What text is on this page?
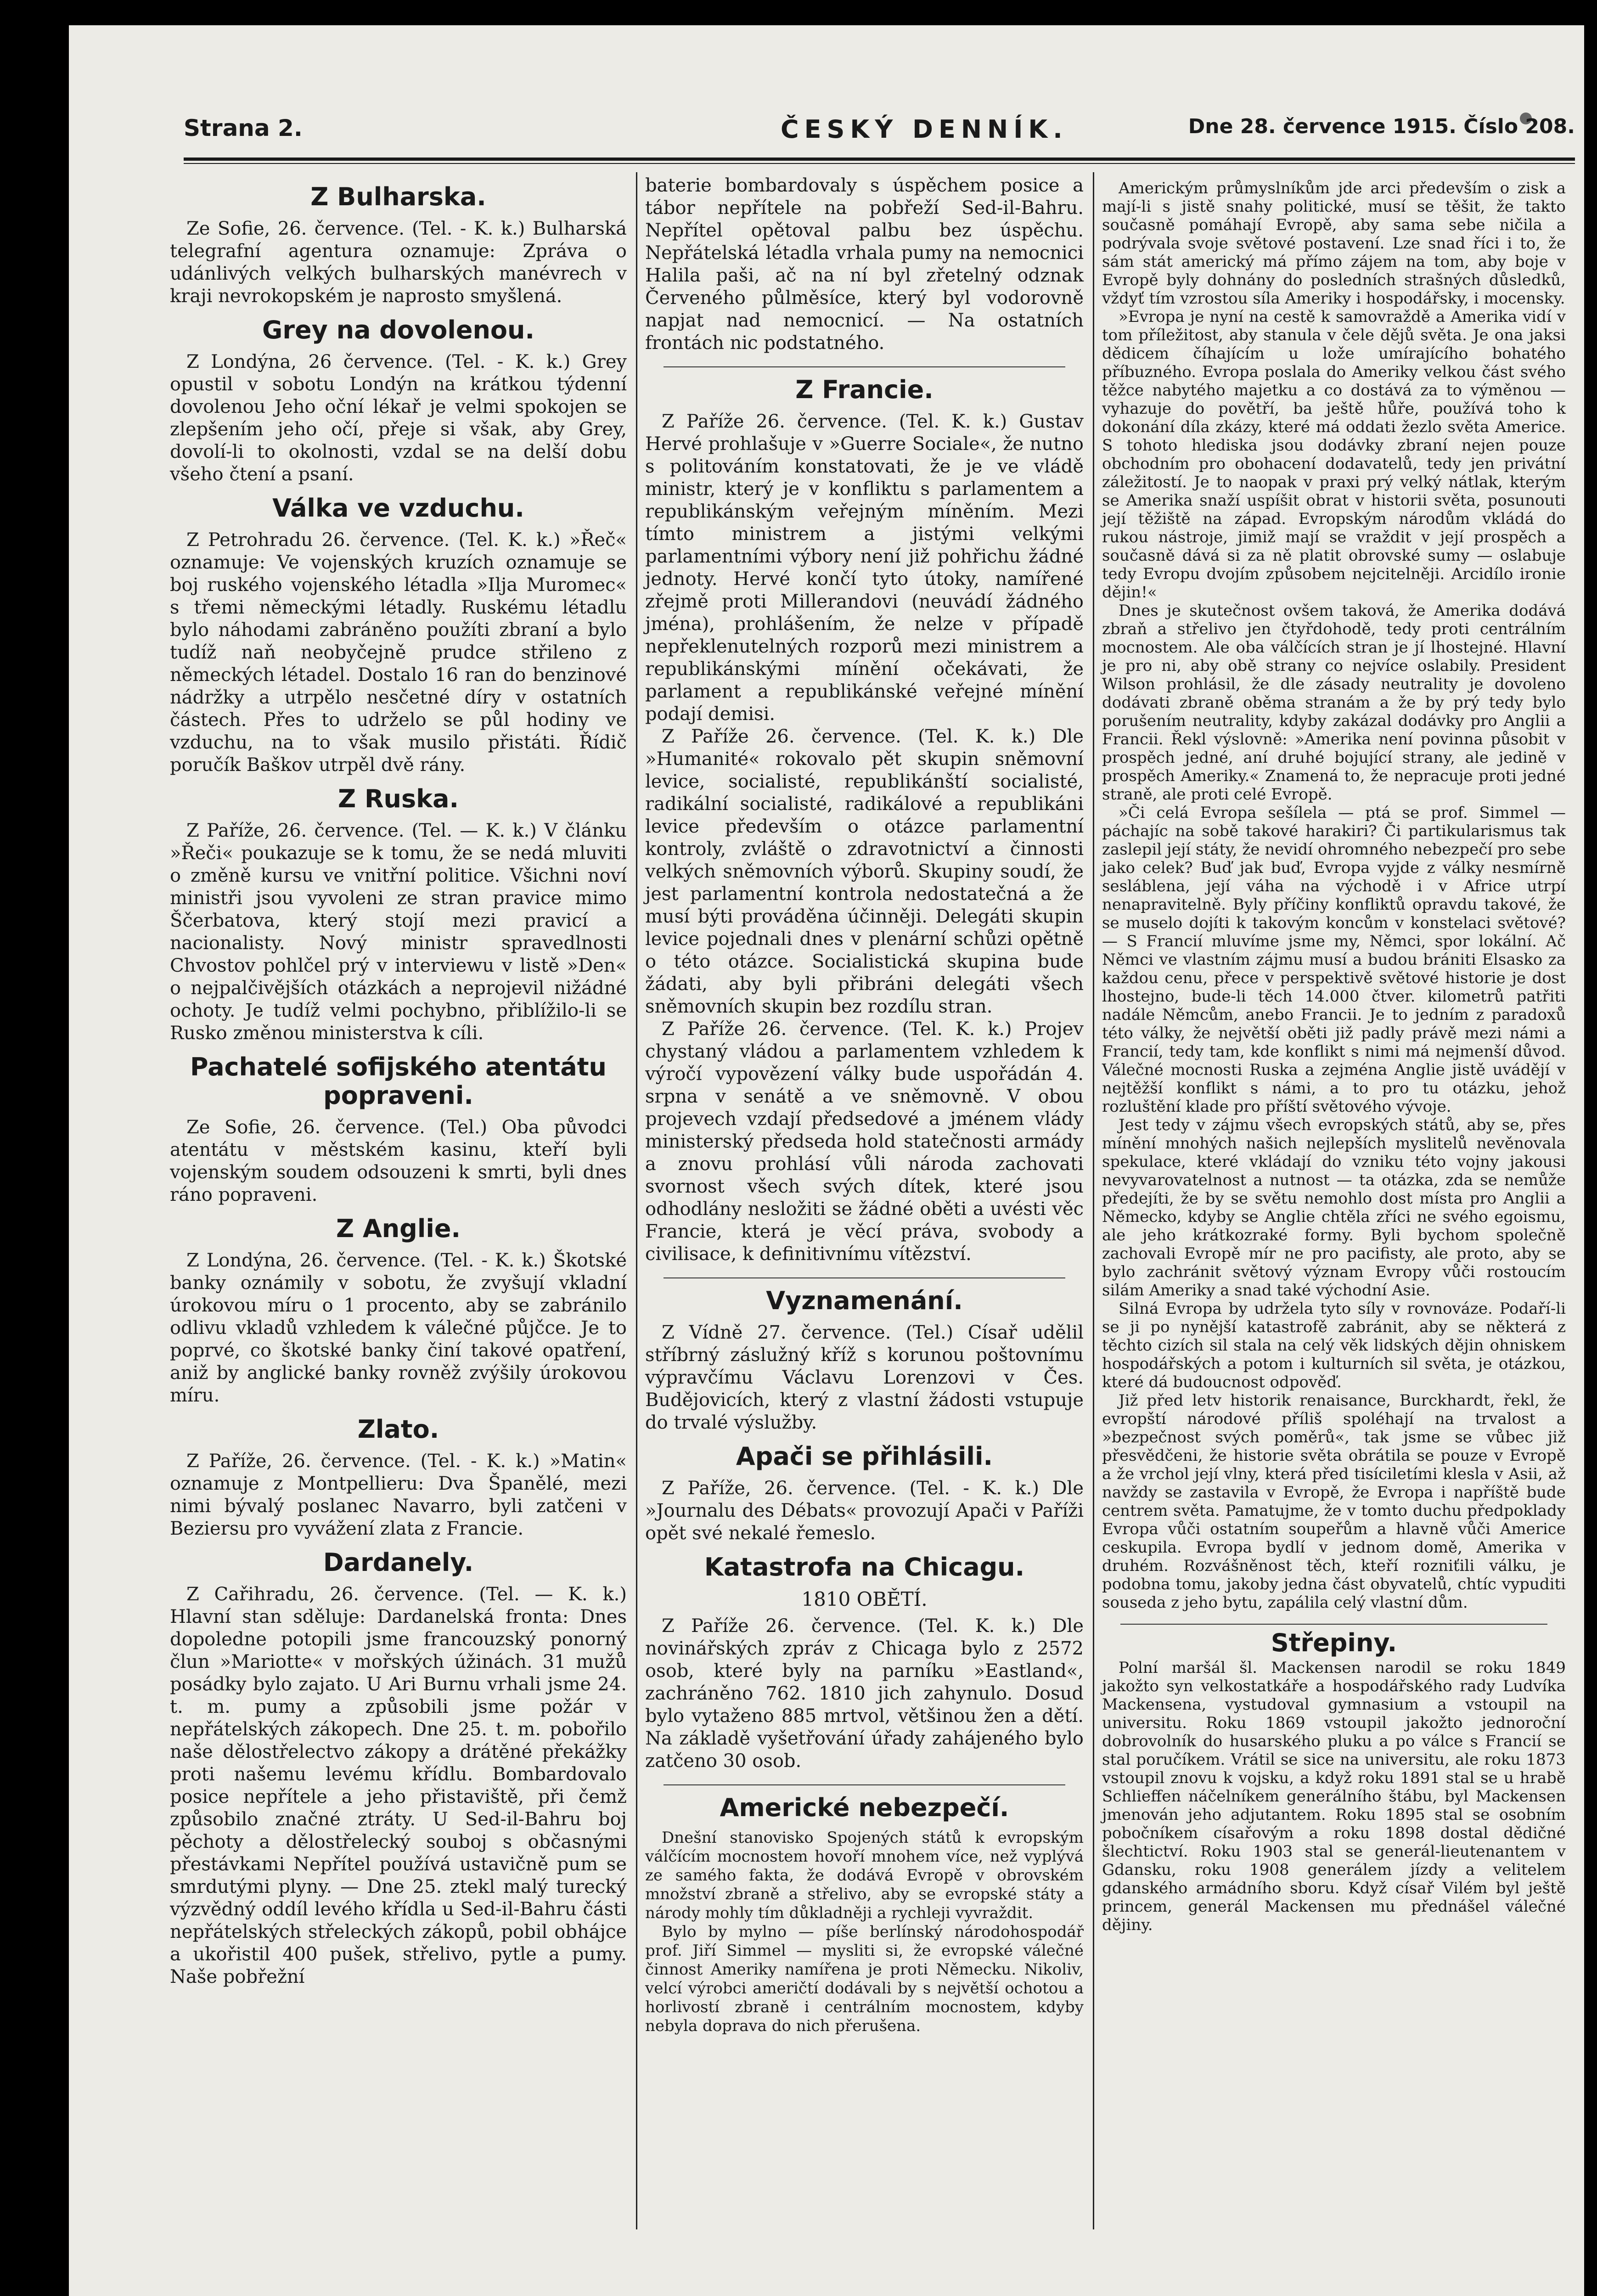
Strana 2.	ČESKÝ DENNÍK.	Dne 28. července 1915. Číslo 208.
Z Bulharska.

Ze Sofie, 26. července. (Tel. - K. k.) Bulharská telegrafní agentura oznamuje: Zpráva o udánlivých velkých bulharských manévrech v kraji nevrokopském je naprosto smyšlená.

Grey na dovolenou.

Z Londýna, 26 července. (Tel. - K. k.) Grey opustil v sobotu Londýn na krátkou týdenní dovolenou Jeho oční lékař je velmi spokojen se zlepšením jeho očí, přeje si však, aby Grey, dovolí-li to okolnosti, vzdal se na delší dobu všeho čtení a psaní.

Válka ve vzduchu.

Z Petrohradu 26. července. (Tel. K. k.) »Řeč« oznamuje: Ve vojenských kruzích oznamuje se boj ruského vojenského létadla »Ilja Muromec« s třemi německými létadly. Ruskému létadlu bylo náhodami zabráněno použíti zbraní a bylo tudíž naň neobyčejně prudce střileno z německých létadel. Dostalo 16 ran do benzinové nádržky a utrpělo nesčetné díry v ostatních částech. Přes to udrželo se půl hodiny ve vzduchu, na to však musilo přistáti. Řídič poručík Baškov utrpěl dvě rány.

Z Ruska.

Z Paříže, 26. července. (Tel. — K. k.) V článku »Řeči« poukazuje se k tomu, že se nedá mluviti o změně kursu ve vnitřní politice. Všichni noví ministři jsou vyvoleni ze stran pravice mimo Ščerbatova, který stojí mezi pravicí a nacionalisty. Nový ministr spravedlnosti Chvostov pohlčel prý v interviewu v listě »Den« o nejpalčivějších otázkách a neprojevil nižádné ochoty. Je tudíž velmi pochybno, přiblížilo-li se Rusko změnou ministerstva k cíli.

Pachatelé sofijského atentátu popraveni.

Ze Sofie, 26. července. (Tel.) Oba původci atentátu v městském kasinu, kteří byli vojenským soudem odsouzeni k smrti, byli dnes ráno popraveni.

Z Anglie.

Z Londýna, 26. července. (Tel. - K. k.) Škotské banky oznámily v sobotu, že zvyšují vkladní úrokovou míru o 1 procento, aby se zabránilo odlivu vkladů vzhledem k válečné půjčce. Je to poprvé, co škotské banky činí takové opatření, aniž by anglické banky rovněž zvýšily úrokovou míru.

Zlato.

Z Paříže, 26. července. (Tel. - K. k.) »Matin« oznamuje z Montpellieru: Dva Španělé, mezi nimi bývalý poslanec Navarro, byli zatčeni v Beziersu pro vyvážení zlata z Francie.

Dardanely.

Z Cařihradu, 26. července. (Tel. — K. k.) Hlavní stan sděluje: Dardanelská fronta: Dnes dopoledne potopili jsme francouzský ponorný člun »Mariotte« v mořských úžinách. 31 mužů posádky bylo zajato. U Ari Burnu vrhali jsme 24. t. m. pumy a způsobili jsme požár v nepřátelských zákopech. Dne 25. t. m. pobořilo naše dělostřelectvo zákopy a drátěné překážky proti našemu levému křídlu. Bombardovalo posice nepřítele a jeho přistaviště, při čemž způsobilo značné ztráty. U Sed-il-Bahru boj pěchoty a dělostřelecký souboj s občasnými přestávkami Nepřítel používá ustavičně pum se smrdutými plyny. — Dne 25. ztekl malý turecký výzvědný oddíl levého křídla u Sed-il-Bahru části nepřátelských střeleckých zákopů, pobil obhájce a ukořistil 400 pušek, střelivo, pytle a pumy. Naše pobřežní

baterie bombardovaly s úspěchem posice a tábor nepřítele na pobřeží Sed-il-Bahru. Nepřítel opětoval palbu bez úspěchu. Nepřátelská létadla vrhala pumy na nemocnici Halila paši, ač na ní byl zřetelný odznak Červeného půlměsíce, který byl vodorovně napjat nad nemocnicí. — Na ostatních frontách nic podstatného.

Z Francie.

Z Paříže 26. července. (Tel. K. k.) Gustav Hervé prohlašuje v »Guerre Sociale«, že nutno s politováním konstatovati, že je ve vládě ministr, který je v konfliktu s parlamentem a republikánským veřejným míněním. Mezi tímto ministrem a jistými velkými parlamentními výbory není již pohřichu žádné jednoty. Hervé končí tyto útoky, namířené zřejmě proti Millerandovi (neuvádí žádného jména), prohlášením, že nelze v případě nepřeklenutelných rozporů mezi ministrem a republikánskými mínění očekávati, že parlament a republikánské veřejné mínění podají demisi.

Z Paříže 26. července. (Tel. K. k.) Dle »Humanité« rokovalo pět skupin sněmovní levice, socialisté, republikánští socialisté, radikální socialisté, radikálové a republikáni levice především o otázce parlamentní kontroly, zvláště o zdravotnictví a činnosti velkých sněmovních výborů. Skupiny soudí, že jest parlamentní kontrola nedostatečná a že musí býti prováděna účinněji. Delegáti skupin levice pojednali dnes v plenární schůzi opětně o této otázce. Socialistická skupina bude žádati, aby byli přibráni delegáti všech sněmovních skupin bez rozdílu stran.

Z Paříže 26. července. (Tel. K. k.) Projev chystaný vládou a parlamentem vzhledem k výročí vypovězení války bude uspořádán 4. srpna v senátě a ve sněmovně. V obou projevech vzdají předsedové a jménem vlády ministerský předseda hold statečnosti armády a znovu prohlásí vůli národa zachovati svornost všech svých dítek, které jsou odhodlány nesložiti se žádné oběti a uvésti věc Francie, která je věcí práva, svobody a civilisace, k definitivnímu vítězství.

Vyznamenání.

Z Vídně 27. července. (Tel.) Císař udělil stříbrný záslužný kříž s korunou poštovnímu výpravčímu Václavu Lorenzovi v Čes. Budějovicích, který z vlastní žádosti vstupuje do trvalé výslužby.

Apači se přihlásili.

Z Paříže, 26. července. (Tel. - K. k.) Dle »Journalu des Débats« provozují Apači v Paříži opět své nekalé řemeslo.

Katastrofa na Chicagu.
1810 OBĚTÍ.

Z Paříže 26. července. (Tel. K. k.) Dle novinářských zpráv z Chicaga bylo z 2572 osob, které byly na parníku »Eastland«, zachráněno 762. 1810 jich zahynulo. Dosud bylo vytaženo 885 mrtvol, většinou žen a dětí. Na základě vyšetřování úřady zahájeného bylo zatčeno 30 osob.

Americké nebezpečí.

Dnešní stanovisko Spojených států k evropským válčícím mocnostem hovoří mnohem více, než vyplývá ze samého fakta, že dodává Evropě v obrovském množství zbraně a střelivo, aby se evropské státy a národy mohly tím důkladněji a rychleji vyvraždit.

Bylo by mylno — píše berlínský národohospodář prof. Jiří Simmel — mysliti si, že evropské válečné činnost Ameriky namířena je proti Německu. Nikoliv, velcí výrobci američtí dodávali by s největší ochotou a horlivostí zbraně i centrálním mocnostem, kdyby nebyla doprava do nich přerušena.

Americkým průmyslníkům jde arci především o zisk a mají-li s jistě snahy politické, musí se těšit, že takto současně pomáhají Evropě, aby sama sebe ničila a podrývala svoje světové postavení. Lze snad říci i to, že sám stát americký má přímo zájem na tom, aby boje v Evropě byly dohnány do posledních strašných důsledků, vždyť tím vzrostou síla Ameriky i hospodářsky, i mocensky.

»Evropa je nyní na cestě k samovraždě a Amerika vidí v tom příležitost, aby stanula v čele dějů světa. Je ona jaksi dědicem číhajícím u lože umírajícího bohatého příbuzného. Evropa poslala do Ameriky velkou část svého těžce nabytého majetku a co dostává za to výměnou — vyhazuje do povětří, ba ještě hůře, používá toho k dokonání díla zkázy, které má oddati žezlo světa Americe. S tohoto hlediska jsou dodávky zbraní nejen pouze obchodním pro obohacení dodavatelů, tedy jen privátní záležitostí. Je to naopak v praxi prý velký nátlak, kterým se Amerika snaží uspíšit obrat v historii světa, posunouti její těžiště na západ. Evropským národům vkládá do rukou nástroje, jimiž mají se vraždit v její prospěch a současně dává si za ně platit obrovské sumy — oslabuje tedy Evropu dvojím způsobem nejcitelněji. Arcidílo ironie dějin!«

Dnes je skutečnost ovšem taková, že Amerika dodává zbraň a střelivo jen čtyřdohodě, tedy proti centrálním mocnostem. Ale oba válčících stran je jí lhostejné. Hlavní je pro ni, aby obě strany co nejvíce oslabily. President Wilson prohlásil, že dle zásady neutrality je dovoleno dodávati zbraně oběma stranám a že by prý tedy bylo porušením neutrality, kdyby zakázal dodávky pro Anglii a Francii. Řekl výslovně: »Amerika není povinna působit v prospěch jedné, aní druhé bojující strany, ale jedině v prospěch Ameriky.« Znamená to, že nepracuje proti jedné straně, ale proti celé Evropě.

»Či celá Evropa sešílela — ptá se prof. Simmel — páchajíc na sobě takové harakiri? Či partikularismus tak zaslepil její státy, že nevidí ohromného nebezpečí pro sebe jako celek? Buď jak buď, Evropa vyjde z války nesmírně sesláblena, její váha na východě i v Africe utrpí nenapravitelně. Byly příčiny konfliktů opravdu takové, že se muselo dojíti k takovým koncům v konstelaci světové? — S Francií mluvíme jsme my, Němci, spor lokální. Ač Němci ve vlastním zájmu musí a budou brániti Elsasko za každou cenu, přece v perspektivě světové historie je dost lhostejno, bude-li těch 14.000 čtver. kilometrů patřiti nadále Němcům, anebo Francii. Je to jedním z paradoxů této války, že největší oběti již padly právě mezi námi a Francií, tedy tam, kde konflikt s nimi má nejmenší důvod. Válečné mocnosti Ruska a zejména Anglie jistě uvádějí v nejtěžší konflikt s námi, a to pro tu otázku, jehož rozluštění klade pro příští světového vývoje.

Jest tedy v zájmu všech evropských států, aby se, přes mínění mnohých našich nejlepších myslitelů nevěnovala spekulace, které vkládají do vzniku této vojny jakousi nevyvarovatelnost a nutnost — ta otázka, zda se nemůže předejíti, že by se světu nemohlo dost místa pro Anglii a Německo, kdyby se Anglie chtěla zříci ne svého egoismu, ale jeho krátkozraké formy. Byli bychom společně zachovali Evropě mír ne pro pacifisty, ale proto, aby se bylo zachránit světový význam Evropy vůči rostoucím silám Ameriky a snad také východní Asie.

Silná Evropa by udržela tyto síly v rovnováze. Podaří-li se ji po nynější katastrofě zabránit, aby se některá z těchto cizích sil stala na celý věk lidských dějin ohniskem hospodářských a potom i kulturních sil světa, je otázkou, které dá budoucnost odpověď.

Již před letv historik renaisance, Burckhardt, řekl, že evropští národové příliš spoléhají na trvalost a »bezpečnost svých poměrů«, tak jsme se vůbec již přesvědčeni, že historie světa obrátila se pouze v Evropě a že vrchol její vlny, která před tisíciletími klesla v Asii, až navždy se zastavila v Evropě, že Evropa i napříště bude centrem světa. Pamatujme, že v tomto duchu předpoklady Evropa vůči ostatním soupeřům a hlavně vůči Americe ceskupila. Evropa bydlí v jednom domě, Amerika v druhém. Rozvášněnost těch, kteří rozniťili válku, je podobna tomu, jakoby jedna část obyvatelů, chtíc vypuditi souseda z jeho bytu, zapálila celý vlastní dům.

Střepiny.

Polní maršál šl. Mackensen narodil se roku 1849 jakožto syn velkostatkáře a hospodářského rady Ludvíka Mackensena, vystudoval gymnasium a vstoupil na universitu. Roku 1869 vstoupil jakožto jednoroční dobrovolník do husarského pluku a po válce s Francií se stal poručíkem. Vrátil se sice na universitu, ale roku 1873 vstoupil znovu k vojsku, a když roku 1891 stal se u hrabě Schlieffen náčelníkem generálního štábu, byl Mackensen jmenován jeho adjutantem. Roku 1895 stal se osobním pobočníkem císařovým a roku 1898 dostal dědičné šlechtictví. Roku 1903 stal se generál-lieutenantem v Gdansku, roku 1908 generálem jízdy a velitelem gdanského armádního sboru. Když císař Vilém byl ještě princem, generál Mackensen mu přednášel válečné dějiny.
